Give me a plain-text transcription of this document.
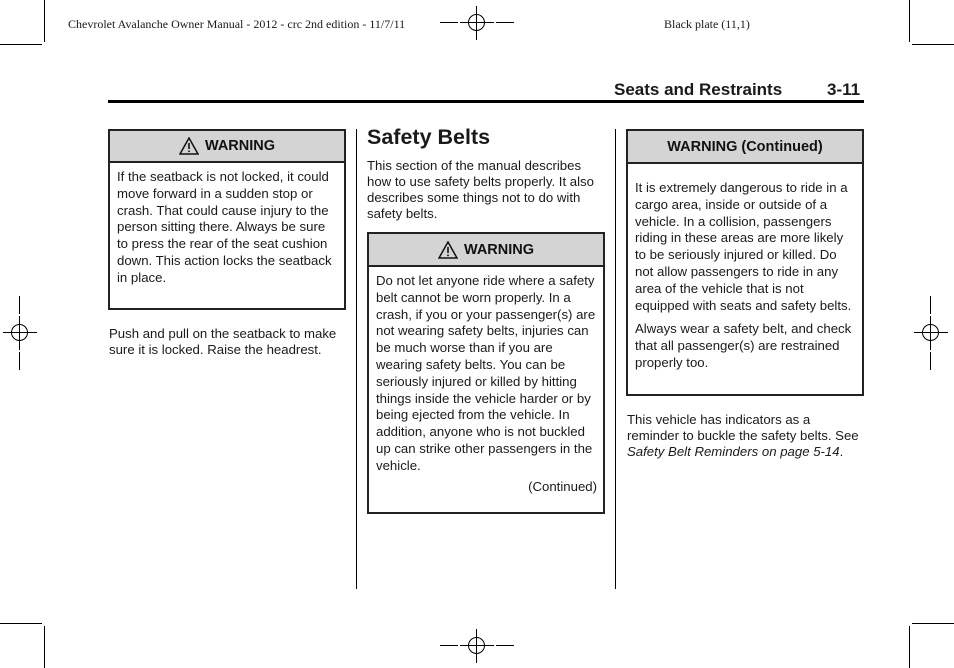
Chevrolet Avalanche Owner Manual - 2012 - crc 2nd edition - 11/7/11	Black plate (11,1)
Seats and Restraints	3-11
WARNING

If the seatback is not locked, it could move forward in a sudden stop or crash. That could cause injury to the person sitting there. Always be sure to press the rear of the seat cushion down. This action locks the seatback in place.

Push and pull on the seatback to make sure it is locked. Raise the headrest.

Safety Belts

This section of the manual describes how to use safety belts properly. It also describes some things not to do with safety belts.

WARNING

Do not let anyone ride where a safety belt cannot be worn properly. In a crash, if you or your passenger(s) are not wearing safety belts, injuries can be much worse than if you are wearing safety belts. You can be seriously injured or killed by hitting things inside the vehicle harder or by being ejected from the vehicle. In addition, anyone who is not buckled up can strike other passengers in the vehicle.

(Continued)
WARNING (Continued)

It is extremely dangerous to ride in a cargo area, inside or outside of a vehicle. In a collision, passengers riding in these areas are more likely to be seriously injured or killed. Do not allow passengers to ride in any area of the vehicle that is not equipped with seats and safety belts.

Always wear a safety belt, and check that all passenger(s) are restrained properly too.

This vehicle has indicators as a reminder to buckle the safety belts. See Safety Belt Reminders on page 5-14.
